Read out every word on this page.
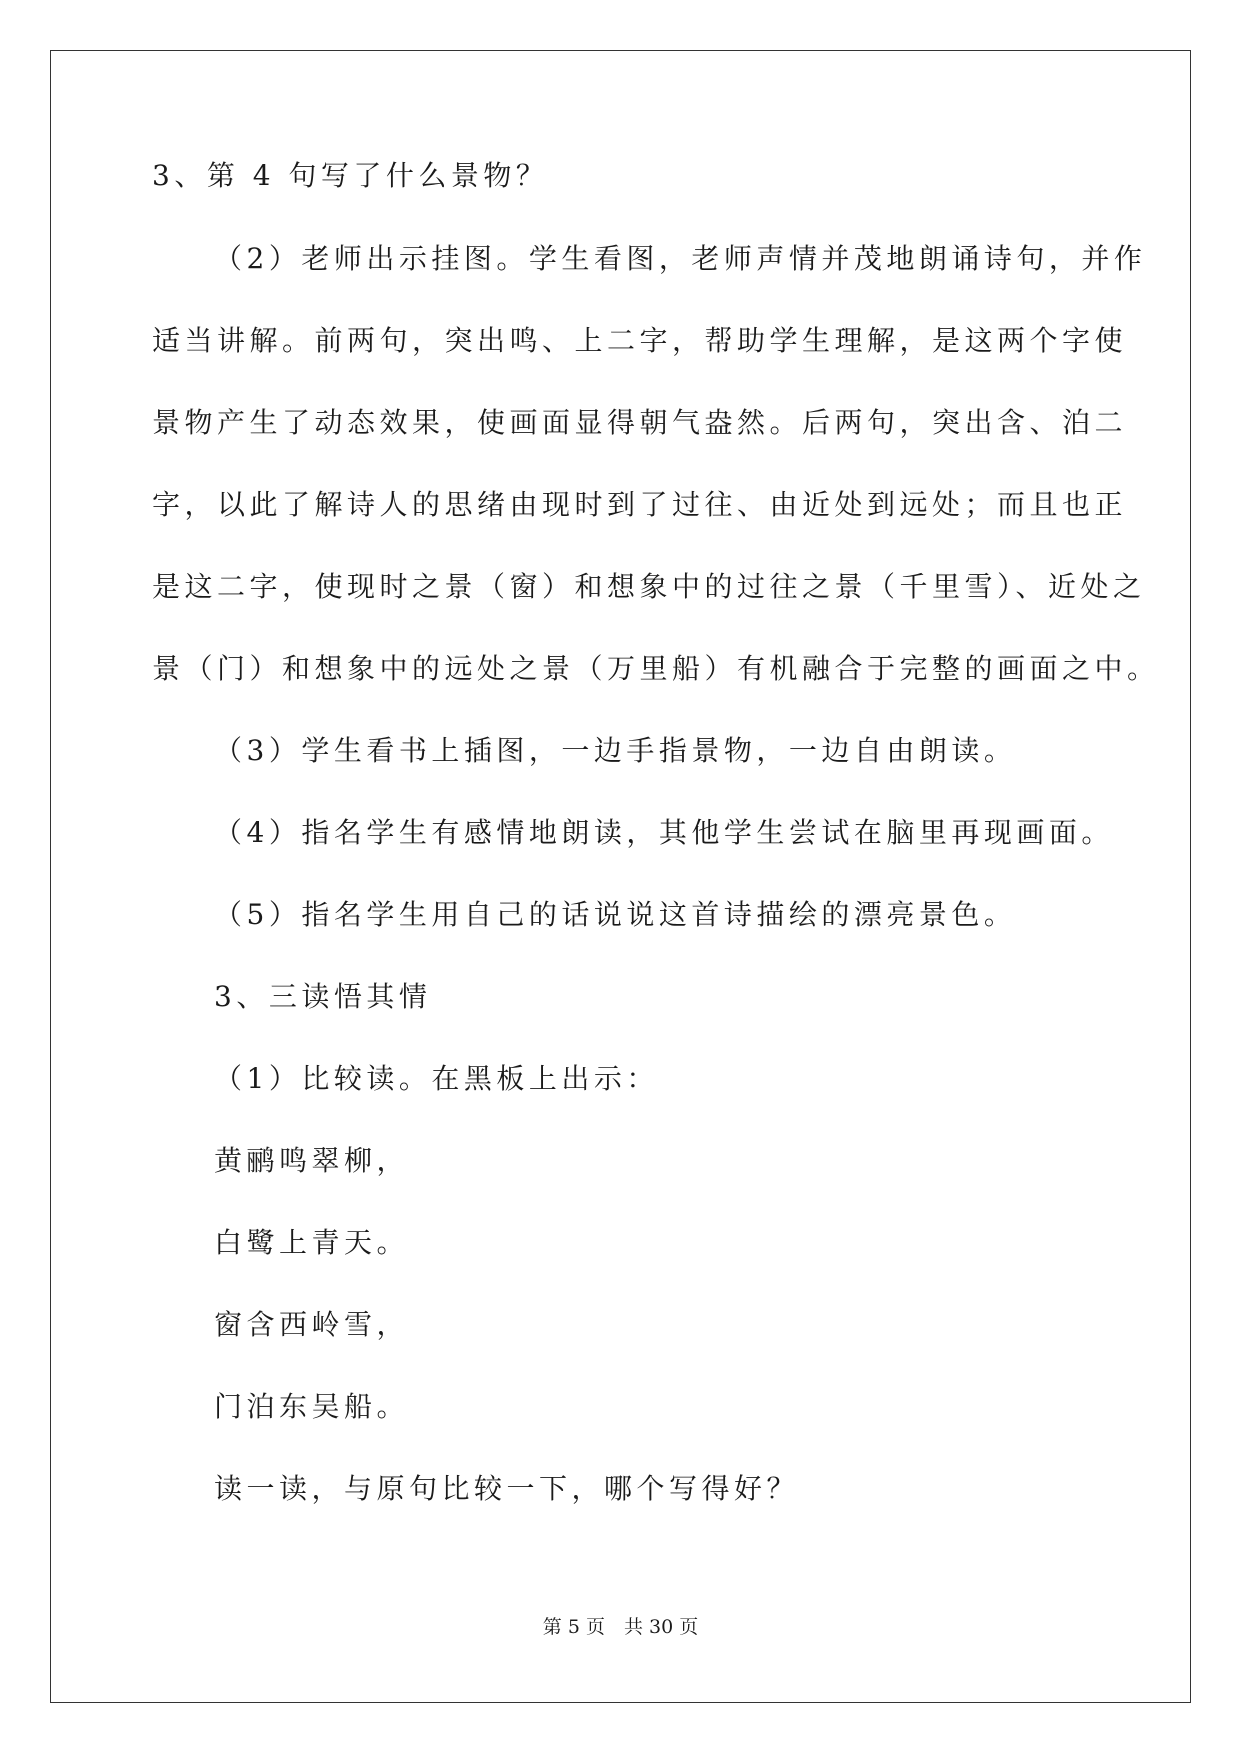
3、第 4 句写了什么景物？
（2）老师出示挂图。学生看图，老师声情并茂地朗诵诗句，并作
适当讲解。前两句，突出鸣、上二字，帮助学生理解，是这两个字使
景物产生了动态效果，使画面显得朝气盎然。后两句，突出含、泊二
字，以此了解诗人的思绪由现时到了过往、由近处到远处；而且也正
是这二字，使现时之景（窗）和想象中的过往之景（千里雪）、近处之
景（门）和想象中的远处之景（万里船）有机融合于完整的画面之中。
（3）学生看书上插图，一边手指景物，一边自由朗读。
（4）指名学生有感情地朗读，其他学生尝试在脑里再现画面。
（5）指名学生用自己的话说说这首诗描绘的漂亮景色。
3、三读悟其情
（1）比较读。在黑板上出示：
黄鹂鸣翠柳，
白鹭上青天。
窗含西岭雪，
门泊东吴船。
读一读，与原句比较一下，哪个写得好？
第 5 页　共 30 页
